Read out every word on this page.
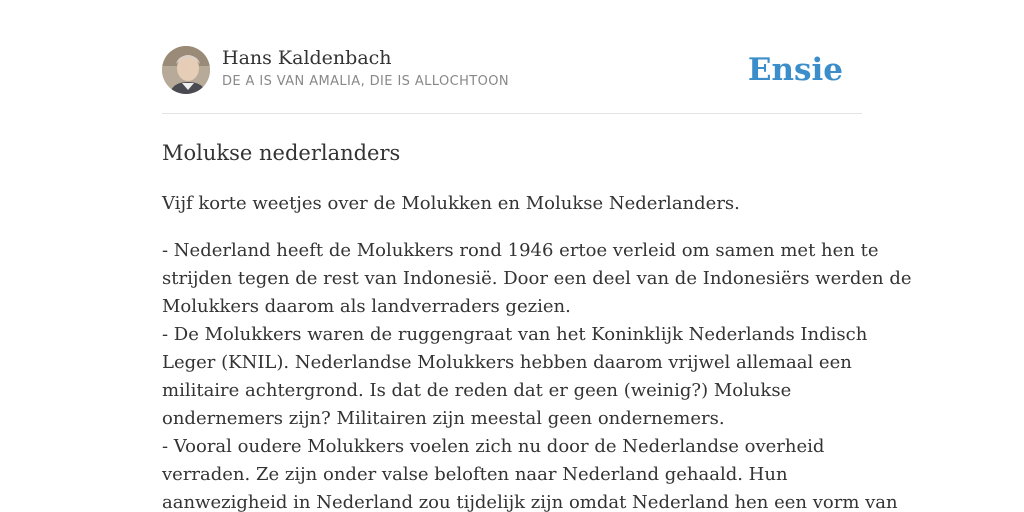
Hans Kaldenbach
DE A IS VAN AMALIA, DIE IS ALLOCHTOON	Ensie
Molukse nederlanders

Vijf korte weetjes over de Molukken en Molukse Nederlanders.

- Nederland heeft de Molukkers rond 1946 ertoe verleid om samen met hen te
strijden tegen de rest van Indonesië. Door een deel van de Indonesiërs werden de
Molukkers daarom als landverraders gezien.
- De Molukkers waren de ruggengraat van het Koninklijk Nederlands Indisch
Leger (KNIL). Nederlandse Molukkers hebben daarom vrijwel allemaal een
militaire achtergrond. Is dat de reden dat er geen (weinig?) Molukse
ondernemers zijn? Militairen zijn meestal geen ondernemers.
- Vooral oudere Molukkers voelen zich nu door de Nederlandse overheid
verraden. Ze zijn onder valse beloften naar Nederland gehaald. Hun
aanwezigheid in Nederland zou tijdelijk zijn omdat Nederland hen een vorm van
